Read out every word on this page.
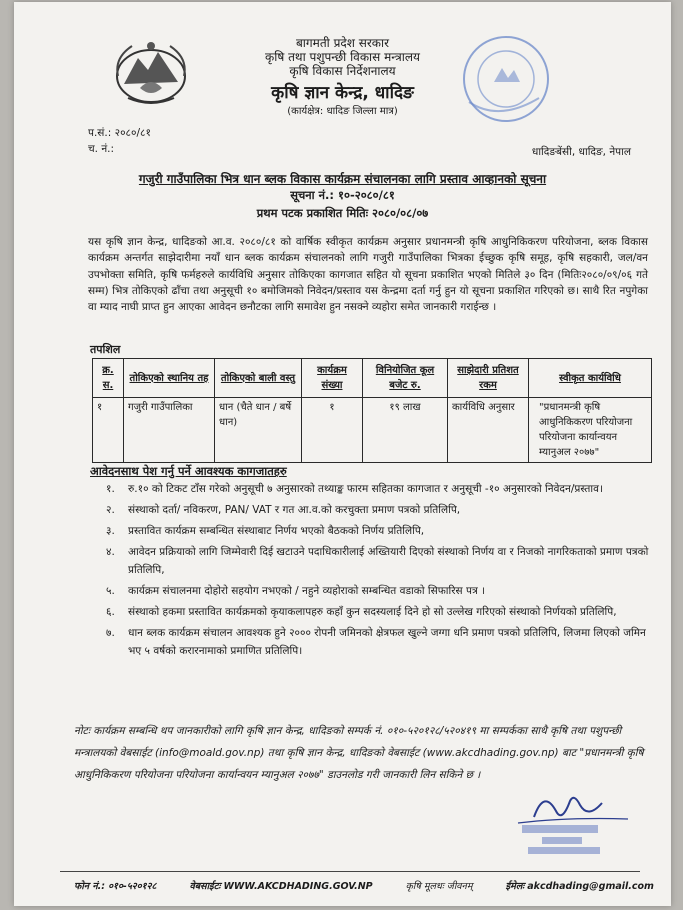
बागमती प्रदेश सरकार
कृषि तथा पशुपन्छी विकास मन्त्रालय
कृषि विकास निर्देशनालय
कृषि ज्ञान केन्द्र, धादिङ
(कार्यक्षेत्र: धादिङ जिल्ला मात्र)
प.सं.: २०८०/८१
च. नं.:	धादिङबेंसी, धादिङ, नेपाल
गजुरी गाउँपालिका भित्र धान ब्लक विकास कार्यक्रम संचालनका लागि प्रस्ताव आव्हानको सूचना
सूचना नं.: १०-२०८०/८१
प्रथम पटक प्रकाशित मितिः २०८०/०८/०७
यस कृषि ज्ञान केन्द्र, धादिङको आ.व. २०८०/८१ को वार्षिक स्वीकृत कार्यक्रम अनुसार प्रधानमन्त्री कृषि आधुनिकिकरण परियोजना, ब्लक विकास कार्यक्रम अन्तर्गत साझेदारीमा नयाँ धान ब्लक कार्यक्रम संचालनको लागि गजुरी गाउँपालिका भित्रका ईच्छुक कृषि समूह, कृषि सहकारी, जल/वन उपभोक्ता समिति, कृषि फर्महरुले कार्यविधि अनुसार तोकिएका कागजात सहित यो सूचना प्रकाशित भएको मितिले ३० दिन (मितिः२०८०/०९/०६ गते सम्म) भित्र तोकिएको ढाँचा तथा अनुसूची १० बमोजिमको निवेदन/प्रस्ताव यस केन्द्रमा दर्ता गर्नु हुन यो सूचना प्रकाशित गरिएको छ। साथै रित नपुगेका वा म्याद नाघी प्राप्त हुन आएका आवेदन छनौटका लागि समावेश हुन नसक्ने व्यहोरा समेत जानकारी गराईन्छ ।
तपशिल
क्र. स.	तोकिएको स्थानिय तह	तोकिएको बाली वस्तु	कार्यक्रम संख्या	विनियोजित कूल बजेट रु.	साझेदारी प्रतिशत रकम	स्वीकृत कार्यविधि
१	गजुरी गाउँपालिका	धान (चैते धान / बर्षे धान)	१	१९ लाख	कार्यविधि अनुसार	"प्रधानमन्त्री कृषि आधुनिकिकरण परियोजना परियोजना कार्यान्वयन म्यानुअल २०७७"
आवेदनसाथ पेश गर्नु पर्ने आवश्यक कागजातहरु
१. रु.१० को टिकट टाँस गरेको अनुसूची ७ अनुसारको तथ्याङ्क फारम सहितका कागजात र अनुसूची -१० अनुसारको निवेदन/प्रस्ताव।
२. संस्थाको दर्ता/ नविकरण, PAN/ VAT र गत आ.व.को करचुक्ता प्रमाण पत्रको प्रतिलिपि,
३. प्रस्तावित कार्यक्रम सम्बन्धित संस्थाबाट निर्णय भएको बैठकको निर्णय प्रतिलिपि,
४. आवेदन प्रक्रियाको लागि जिम्मेवारी दिई खटाउने पदाधिकारीलाई अख्तियारी दिएको संस्थाको निर्णय वा र निजको नागरिकताको प्रमाण पत्रको प्रतिलिपि,
५. कार्यक्रम संचालनमा दोहोरो सहयोग नभएको / नहुने व्यहोराको सम्बन्धित वडाको सिफारिस पत्र ।
६. संस्थाको हकमा प्रस्तावित कार्यक्रमको कृयाकलापहरु कहाँ कुन सदस्यलाई दिने हो सो उल्लेख गरिएको संस्थाको निर्णयको प्रतिलिपि,
७. धान ब्लक कार्यक्रम संचालन आवश्यक हुने २००० रोपनी जमिनको क्षेत्रफल खुल्ने जग्गा धनि प्रमाण पत्रको प्रतिलिपि, लिजमा लिएको जमिन भए ५ वर्षको करारनामाको प्रमाणित प्रतिलिपि।
नोटः कार्यक्रम सम्बन्धि थप जानकारीको लागि कृषि ज्ञान केन्द्र, धादिङको सम्पर्क नं. ०१०-५२०१२८/५२०४१९ मा सम्पर्कका साथै कृषि तथा पशुपन्छी मन्त्रालयको वेबसाईट (info@moald.gov.np) तथा कृषि ज्ञान केन्द्र, धादिङको वेबसाईट (www.akcdhading.gov.np) बाट "प्रधानमन्त्री कृषि आधुनिकिकरण परियोजना परियोजना कार्यान्वयन म्यानुअल २०७७" डाउनलोड गरी जानकारी लिन सकिने छ ।
फोन नं.: ०१०-५२०१२८	वेबसाईटः WWW.AKCDHADING.GOV.NP	कृषि मूलधः जीवनम्	ईमेलः akcdhading@gmail.com
